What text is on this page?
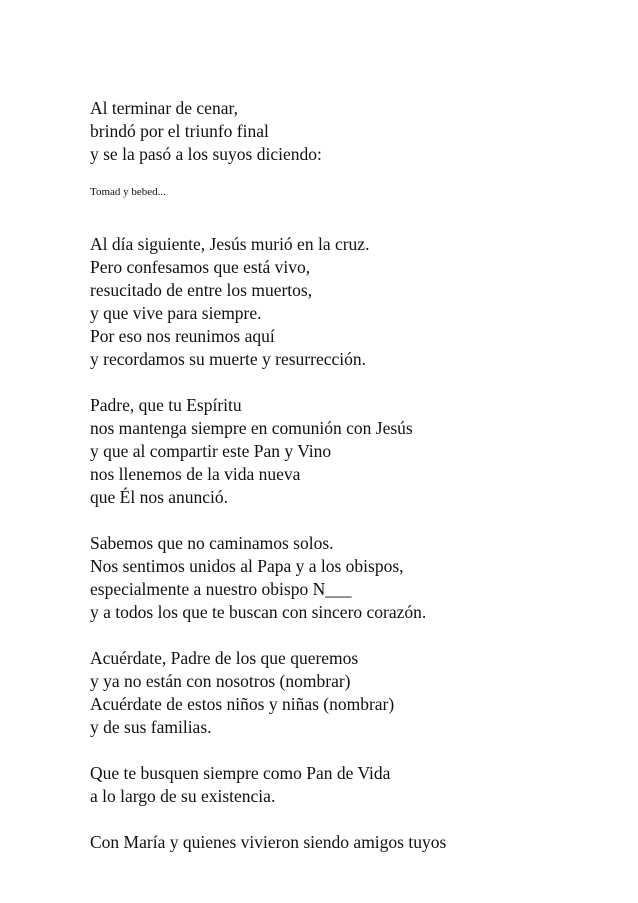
Al terminar de cenar,
brindó por el triunfo final
y se la pasó a los suyos diciendo:
Tomad y bebed...
Al día siguiente, Jesús murió en la cruz.
Pero confesamos que está vivo,
resucitado de entre los muertos,
y que vive para siempre.
Por eso nos reunimos aquí
y recordamos su muerte y resurrección.
Padre, que tu Espíritu
nos mantenga siempre en comunión con Jesús
y que al compartir este Pan y Vino
nos llenemos de la vida nueva
que Él nos anunció.
Sabemos que no caminamos solos.
Nos sentimos unidos al Papa y a los obispos,
especialmente a nuestro obispo N___
y a todos los que te buscan con sincero corazón.
Acuérdate, Padre de los que queremos
y ya no están con nosotros (nombrar)
Acuérdate de estos niños y niñas (nombrar)
y de sus familias.
Que te busquen siempre como Pan de Vida
a lo largo de su existencia.
Con María y quienes vivieron siendo amigos tuyos
